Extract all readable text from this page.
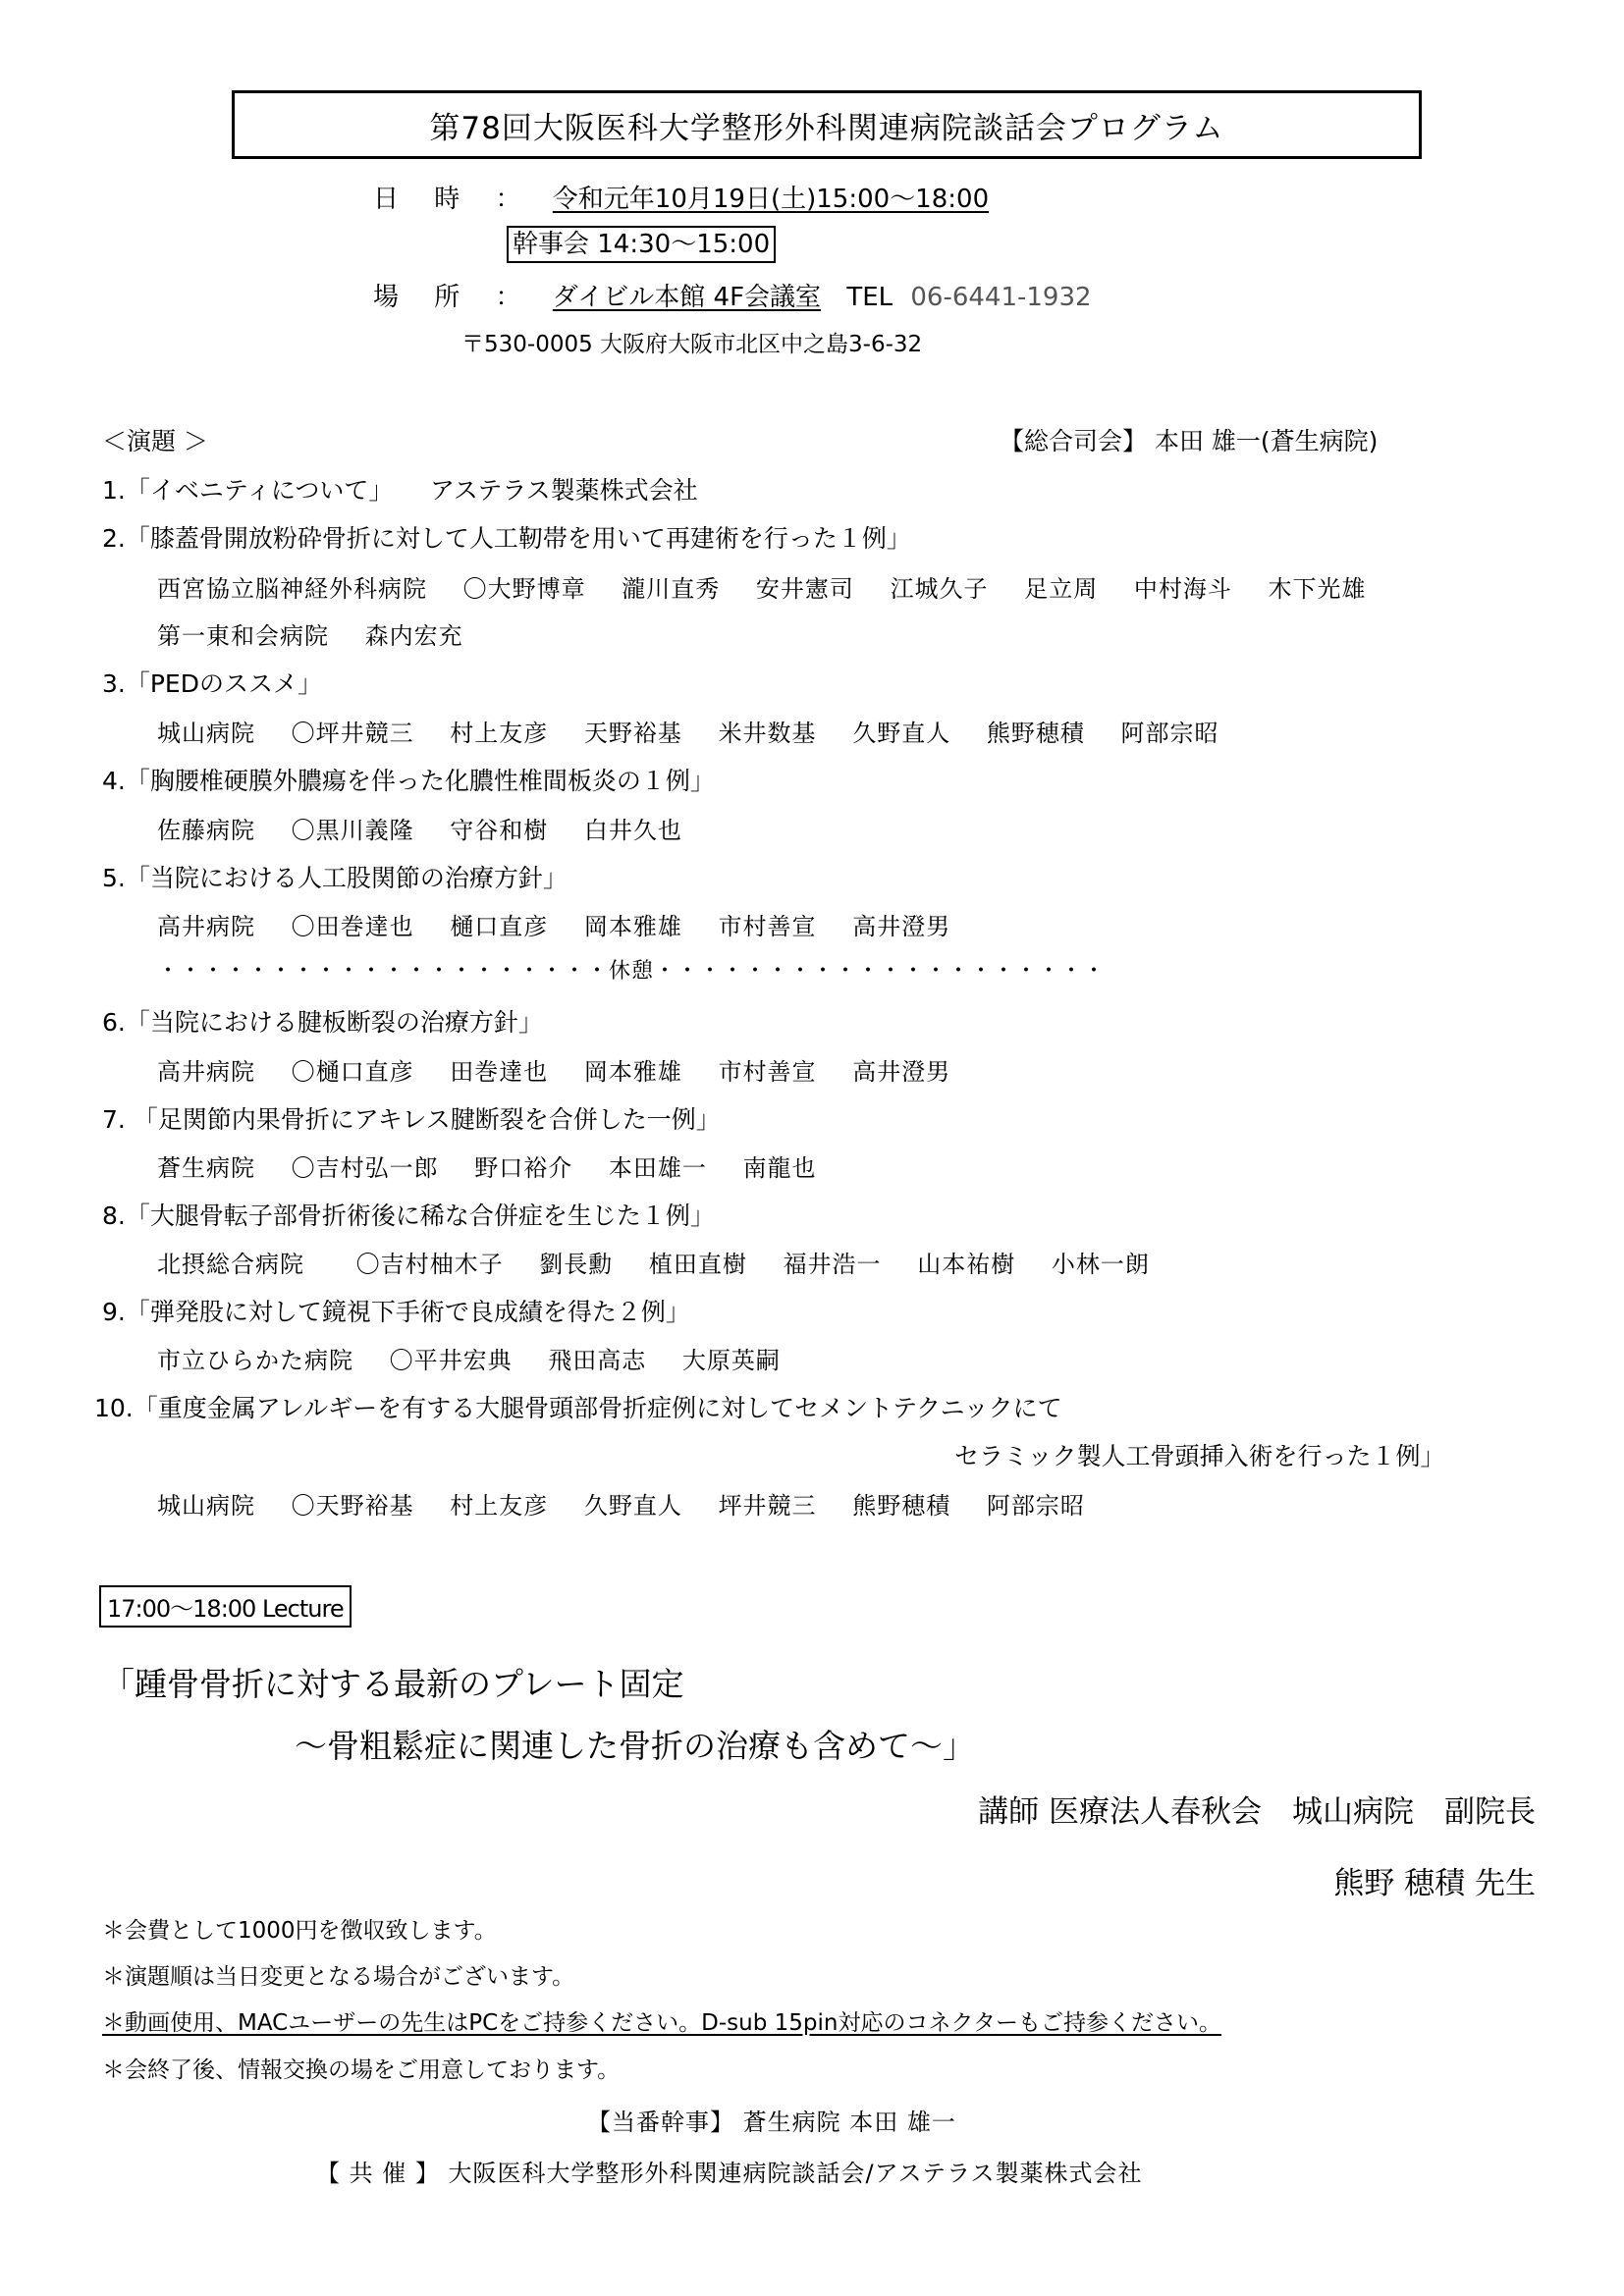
第78回大阪医科大学整形外科関連病院談話会プログラム
日 時 ： 令和元年10月19日(土)15:00～18:00
幹事会 14:30～15:00
場 所 ： ダイビル本館 4F会議室 TEL 06-6441-1932
〒530-0005 大阪府大阪市北区中之島3-6-32
＜演題 ＞	【総合司会】 本田 雄一(蒼生病院)
1.「イベニティについて」　　アステラス製薬株式会社
2.「膝蓋骨開放粉砕骨折に対して人工靭帯を用いて再建術を行った１例」
西宮協立脳神経外科病院 〇大野博章 瀧川直秀 安井憲司 江城久子 足立周 中村海斗 木下光雄
第一東和会病院 森内宏充
3.「PEDのススメ」
城山病院 〇坪井競三 村上友彦 天野裕基 米井数基 久野直人 熊野穂積 阿部宗昭
4.「胸腰椎硬膜外膿瘍を伴った化膿性椎間板炎の１例」
佐藤病院 〇黒川義隆 守谷和樹 白井久也
5.「当院における人工股関節の治療方針」
高井病院 〇田巻達也 樋口直彦 岡本雅雄 市村善宣 高井澄男
・・・・・・・・・・・・・・・・・・・・休憩・・・・・・・・・・・・・・・・・・・・
6.「当院における腱板断裂の治療方針」
高井病院 〇樋口直彦 田巻達也 岡本雅雄 市村善宣 高井澄男
7. 「足関節内果骨折にアキレス腱断裂を合併した一例」
蒼生病院 〇吉村弘一郎 野口裕介 本田雄一 南龍也
8.「大腿骨転子部骨折術後に稀な合併症を生じた１例」
北摂総合病院 〇吉村柚木子 劉長勳 植田直樹 福井浩一 山本祐樹 小林一朗
9.「弾発股に対して鏡視下手術で良成績を得た２例」
市立ひらかた病院 〇平井宏典 飛田高志 大原英嗣
10.「重度金属アレルギーを有する大腿骨頭部骨折症例に対してセメントテクニックにて
セラミック製人工骨頭挿入術を行った１例」
城山病院 〇天野裕基 村上友彦 久野直人 坪井競三 熊野穂積 阿部宗昭
17:00～18:00 Lecture
「踵骨骨折に対する最新のプレート固定
～骨粗鬆症に関連した骨折の治療も含めて～」
講師 医療法人春秋会　城山病院　副院長
熊野 穂積 先生
＊会費として1000円を徴収致します。
＊演題順は当日変更となる場合がございます。
＊動画使用、MACユーザーの先生はPCをご持参ください。D-sub 15pin対応のコネクターもご持参ください。
＊会終了後、情報交換の場をご用意しております。
【当番幹事】 蒼生病院 本田 雄一
【 共 催 】 大阪医科大学整形外科関連病院談話会/アステラス製薬株式会社
